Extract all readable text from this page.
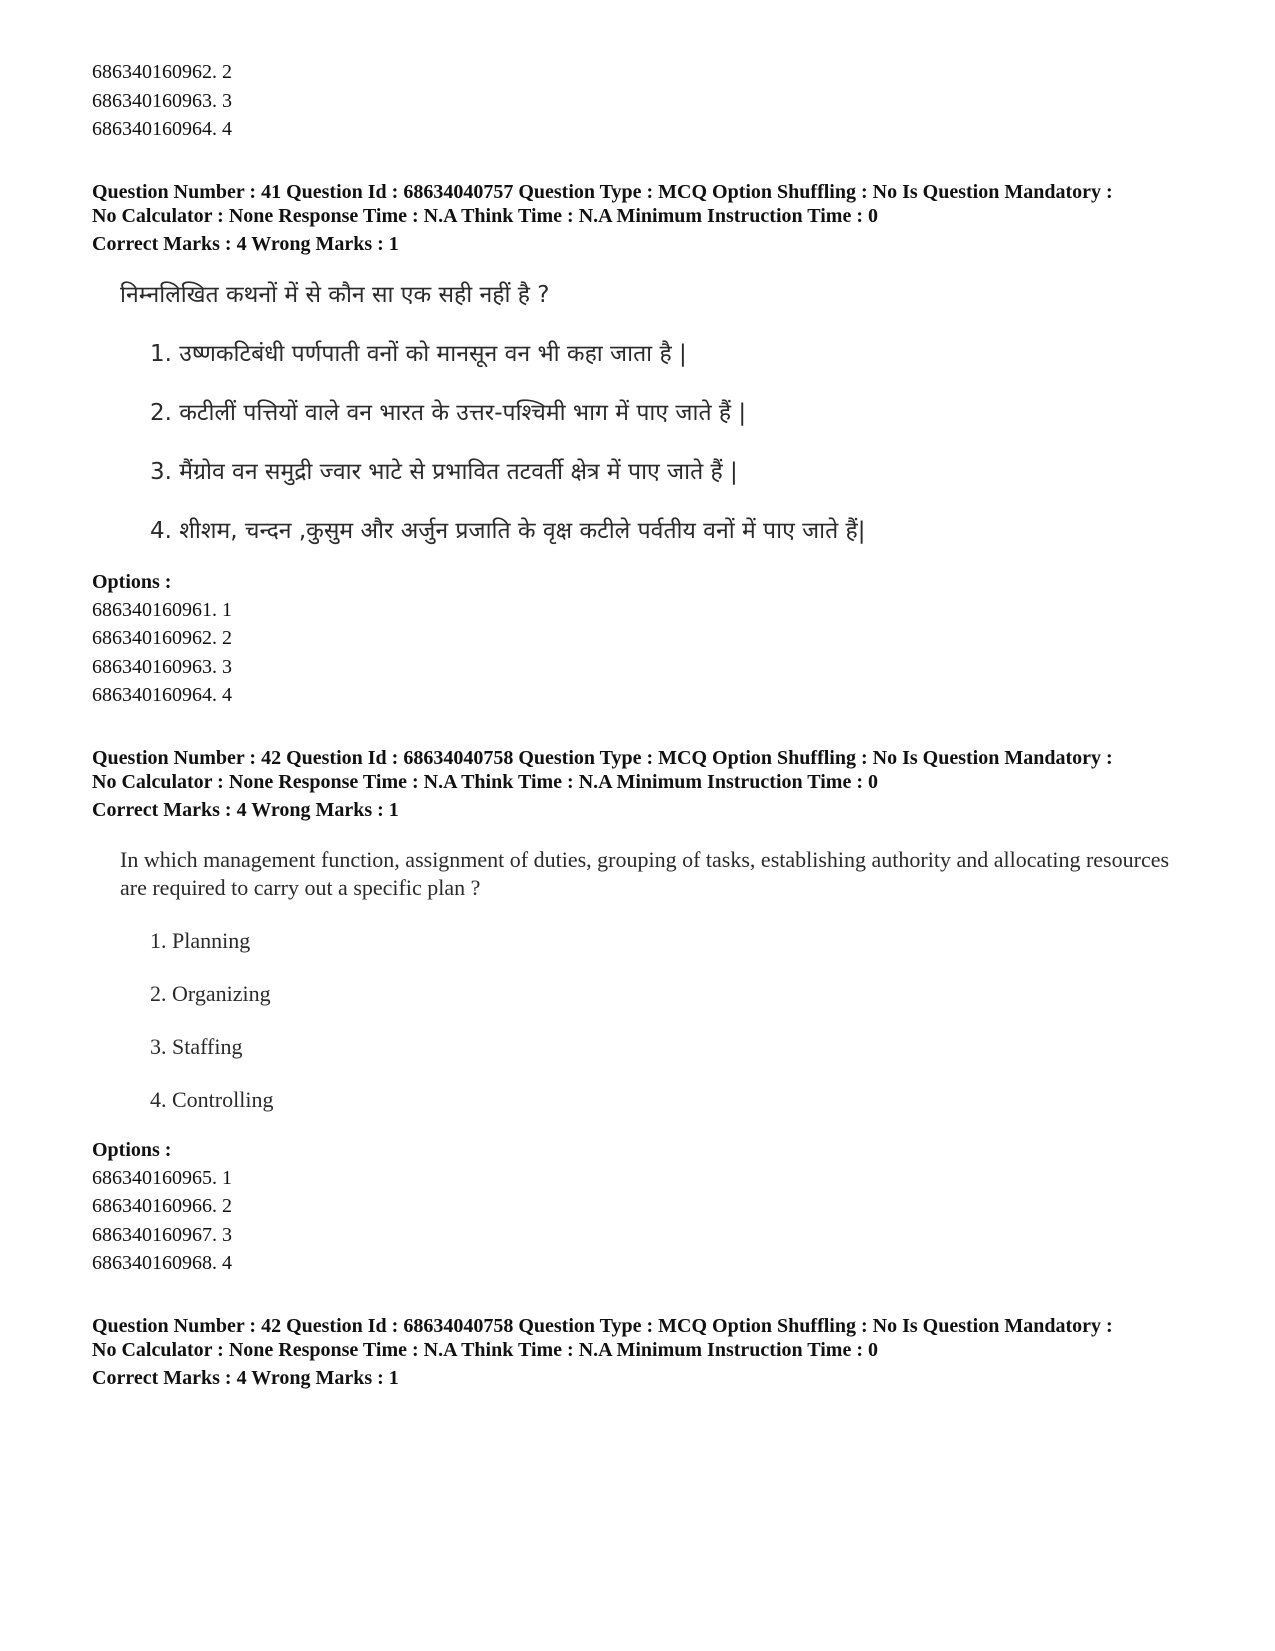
686340160962. 2
686340160963. 3
686340160964. 4
Question Number : 41 Question Id : 68634040757 Question Type : MCQ Option Shuffling : No Is Question Mandatory :
No Calculator : None Response Time : N.A Think Time : N.A Minimum Instruction Time : 0
Correct Marks : 4 Wrong Marks : 1
निम्नलिखित कथनों में से कौन सा एक सही नहीं है ?
1. उष्णकटिबंधी पर्णपाती वनों को मानसून वन भी कहा जाता है |
2. कटीलीं पत्तियों वाले वन भारत के उत्तर-पश्चिमी भाग में पाए जाते हैं |
3. मैंग्रोव वन समुद्री ज्वार भाटे से प्रभावित तटवर्ती क्षेत्र में पाए जाते हैं |
4. शीशम, चन्दन ,कुसुम और अर्जुन प्रजाति के वृक्ष कटीले पर्वतीय वनों में पाए जाते हैं|
Options :
686340160961. 1
686340160962. 2
686340160963. 3
686340160964. 4
Question Number : 42 Question Id : 68634040758 Question Type : MCQ Option Shuffling : No Is Question Mandatory :
No Calculator : None Response Time : N.A Think Time : N.A Minimum Instruction Time : 0
Correct Marks : 4 Wrong Marks : 1
In which management function, assignment of duties, grouping of tasks, establishing authority and allocating resources are required to carry out a specific plan ?
1. Planning
2. Organizing
3. Staffing
4. Controlling
Options :
686340160965. 1
686340160966. 2
686340160967. 3
686340160968. 4
Question Number : 42 Question Id : 68634040758 Question Type : MCQ Option Shuffling : No Is Question Mandatory :
No Calculator : None Response Time : N.A Think Time : N.A Minimum Instruction Time : 0
Correct Marks : 4 Wrong Marks : 1
